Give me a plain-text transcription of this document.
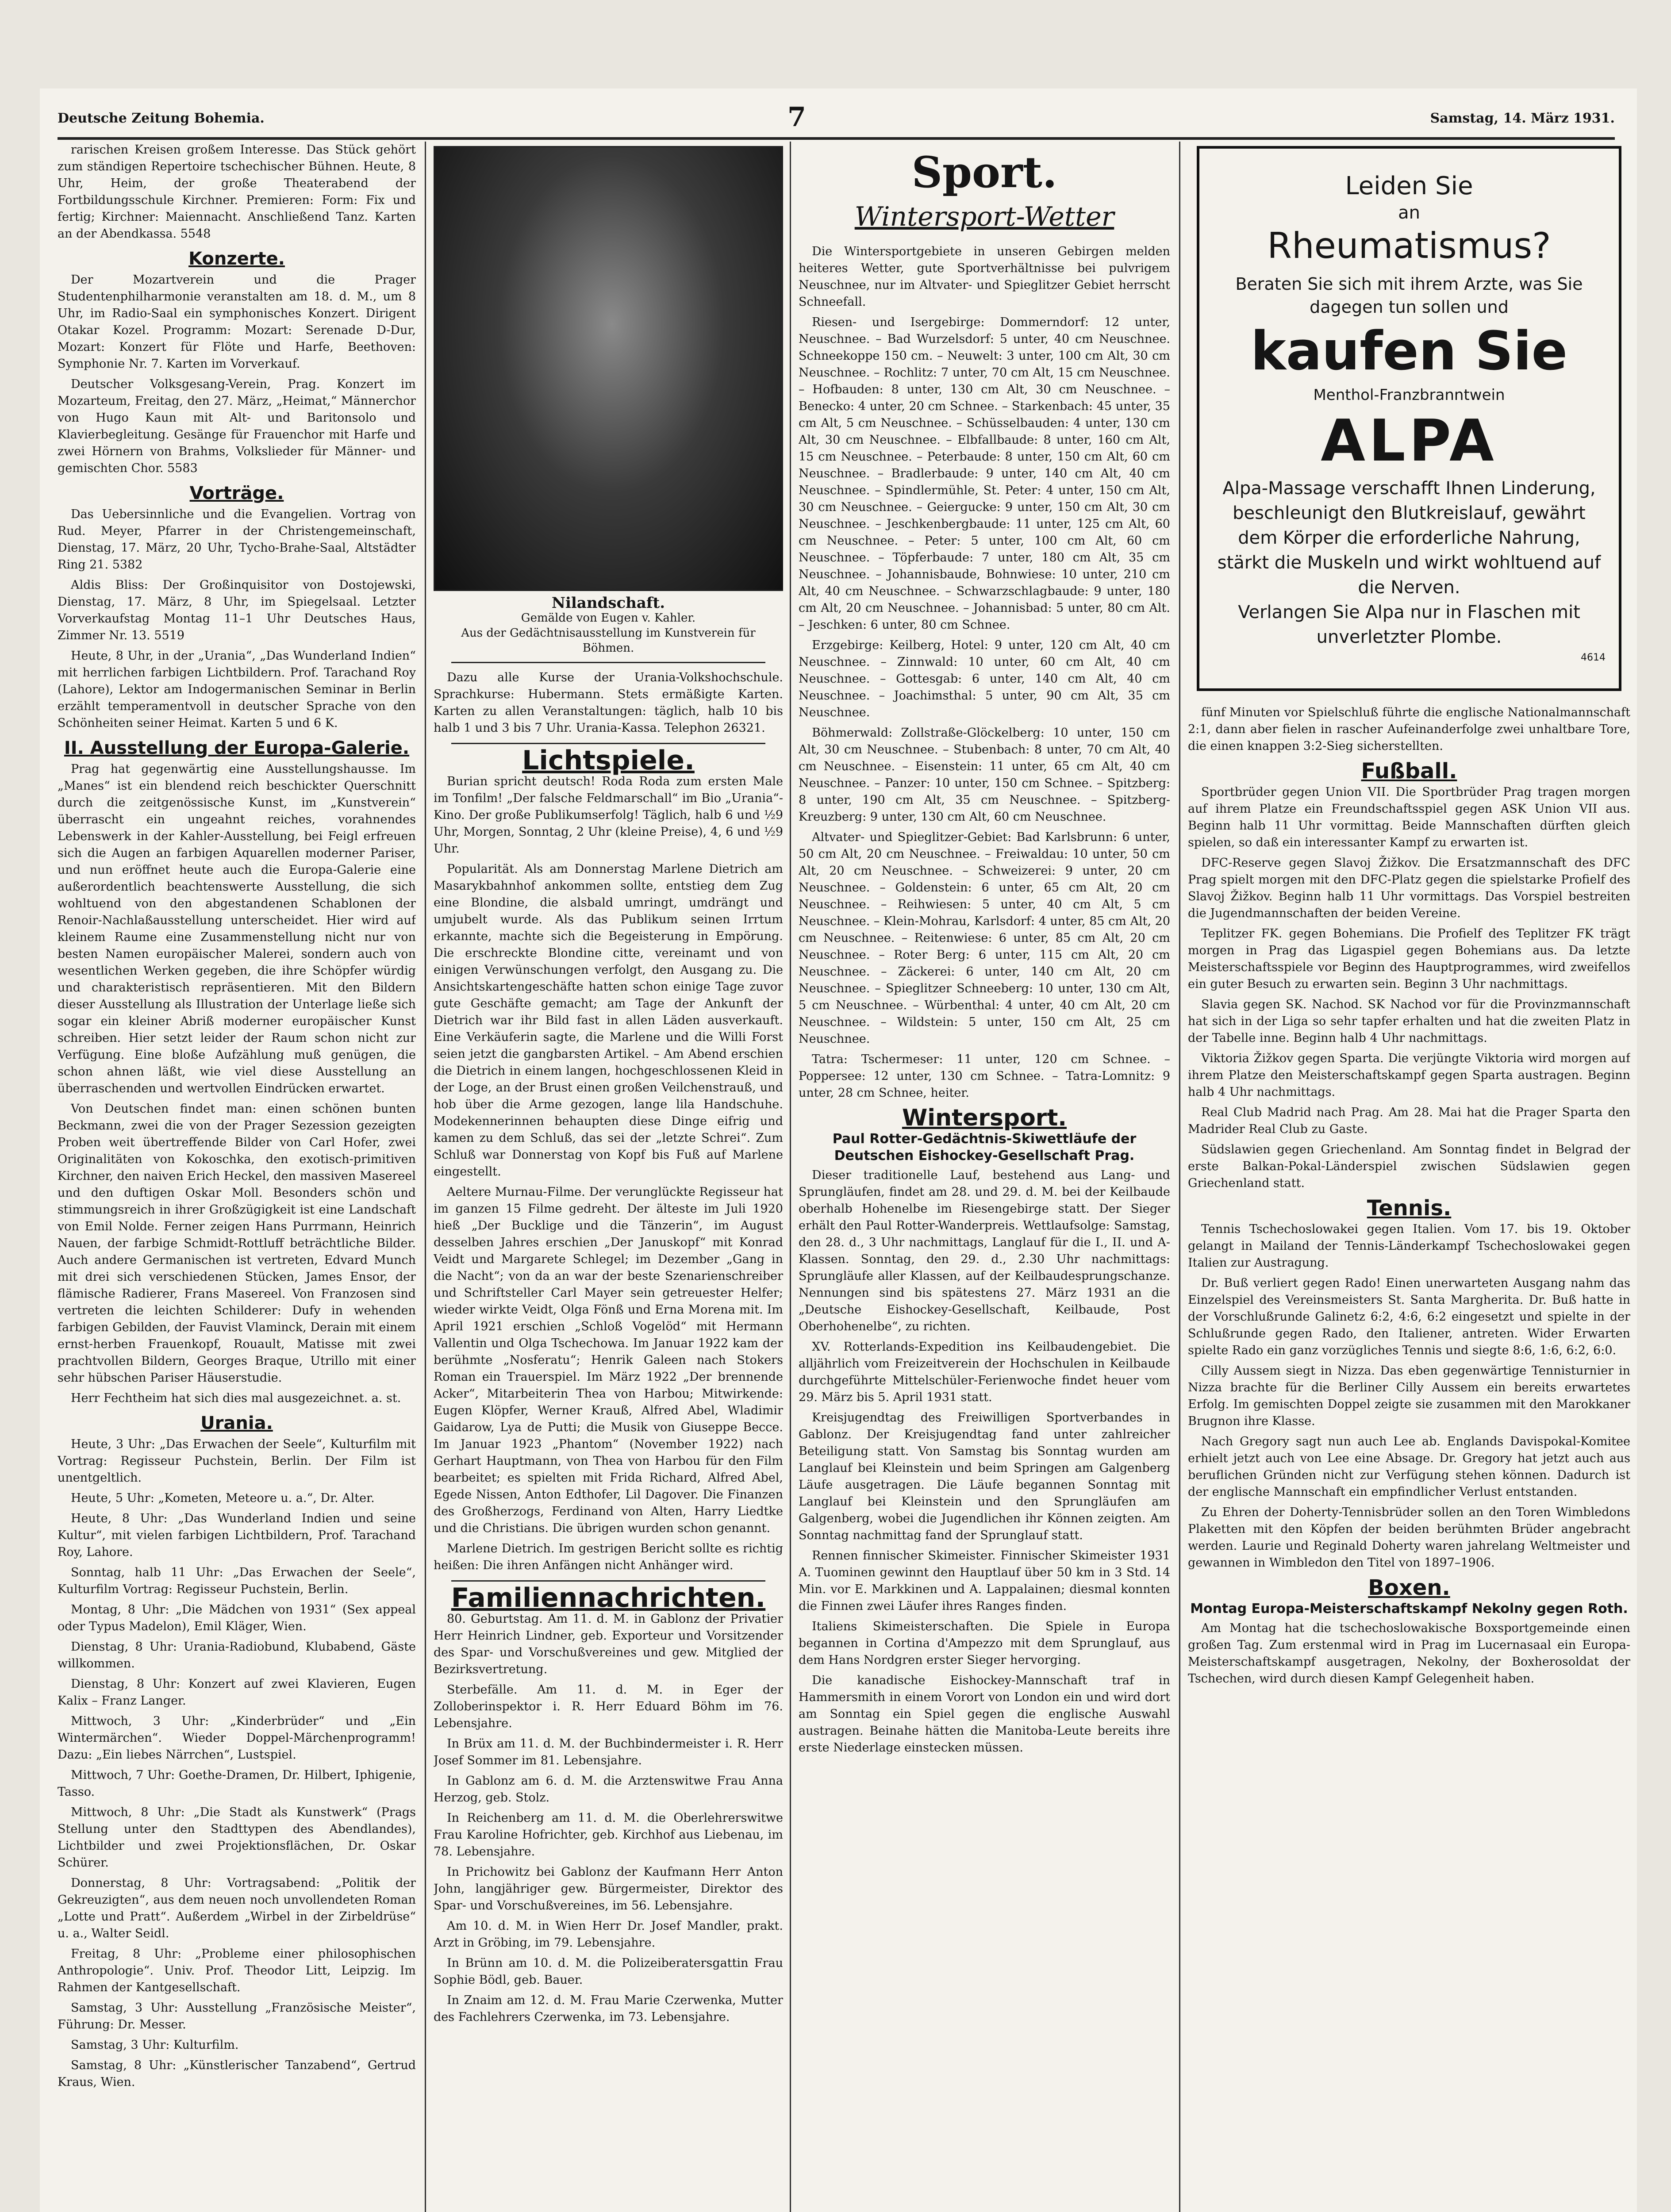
Deutsche Zeitung Bohemia.	7	Samstag, 14. März 1931.

rarischen Kreisen großem Interesse. Das Stück gehört zum ständigen Repertoire tschechischer Bühnen. Heute, 8 Uhr, Heim, der große Theaterabend der Fortbildungsschule Kirchner. Premieren: Form: Fix und fertig; Kirchner: Maiennacht. Anschließend Tanz. Karten an der Abendkassa. 5548

Konzerte.

Der Mozartverein und die Prager Studentenphilharmonie veranstalten am 18. d. M., um 8 Uhr, im Radio-Saal ein symphonisches Konzert. Dirigent Otakar Kozel. Programm: Mozart: Serenade D-Dur, Mozart: Konzert für Flöte und Harfe, Beethoven: Symphonie Nr. 7. Karten im Vorverkauf.

Deutscher Volksgesang-Verein, Prag. Konzert im Mozarteum, Freitag, den 27. März, „Heimat,“ Männerchor von Hugo Kaun mit Alt- und Baritonsolo und Klavierbegleitung. Gesänge für Frauenchor mit Harfe und zwei Hörnern von Brahms, Volkslieder für Männer- und gemischten Chor. 5583

Vorträge.

Das Uebersinnliche und die Evangelien. Vortrag von Rud. Meyer, Pfarrer in der Christengemeinschaft, Dienstag, 17. März, 20 Uhr, Tycho-Brahe-Saal, Altstädter Ring 21. 5382

Aldis Bliss: Der Großinquisitor von Dostojewski, Dienstag, 17. März, 8 Uhr, im Spiegelsaal. Letzter Vorverkaufstag Montag 11–1 Uhr Deutsches Haus, Zimmer Nr. 13. 5519

Heute, 8 Uhr, in der „Urania“, „Das Wunderland Indien“ mit herrlichen farbigen Lichtbildern. Prof. Tarachand Roy (Lahore), Lektor am Indogermanischen Seminar in Berlin erzählt temperamentvoll in deutscher Sprache von den Schönheiten seiner Heimat. Karten 5 und 6 K.

II. Ausstellung der Europa-Galerie.

Prag hat gegenwärtig eine Ausstellungshausse. Im „Manes“ ist ein blendend reich beschickter Querschnitt durch die zeitgenössische Kunst, im „Kunstverein“ überrascht ein ungeahnt reiches, vorahnendes Lebenswerk in der Kahler-Ausstellung, bei Feigl erfreuen sich die Augen an farbigen Aquarellen moderner Pariser, und nun eröffnet heute auch die Europa-Galerie eine außerordentlich beachtenswerte Ausstellung, die sich wohltuend von den abgestandenen Schablonen der Renoir-Nachlaßausstellung unterscheidet. Hier wird auf kleinem Raume eine Zusammenstellung nicht nur von besten Namen europäischer Malerei, sondern auch von wesentlichen Werken gegeben, die ihre Schöpfer würdig und charakteristisch repräsentieren. Mit den Bildern dieser Ausstellung als Illustration der Unterlage ließe sich sogar ein kleiner Abriß moderner europäischer Kunst schreiben. Hier setzt leider der Raum schon nicht zur Verfügung. Eine bloße Aufzählung muß genügen, die schon ahnen läßt, wie viel diese Ausstellung an überraschenden und wertvollen Eindrücken erwartet.

Von Deutschen findet man: einen schönen bunten Beckmann, zwei die von der Prager Sezession gezeigten Proben weit übertreffende Bilder von Carl Hofer, zwei Originalitäten von Kokoschka, den exotisch-primitiven Kirchner, den naiven Erich Heckel, den massiven Masereel und den duftigen Oskar Moll. Besonders schön und stimmungsreich in ihrer Großzügigkeit ist eine Landschaft von Emil Nolde. Ferner zeigen Hans Purrmann, Heinrich Nauen, der farbige Schmidt-Rottluff beträchtliche Bilder. Auch andere Germanischen ist vertreten, Edvard Munch mit drei sich verschiedenen Stücken, James Ensor, der flämische Radierer, Frans Masereel. Von Franzosen sind vertreten die leichten Schilderer: Dufy in wehenden farbigen Gebilden, der Fauvist Vlaminck, Derain mit einem ernst-herben Frauenkopf, Rouault, Matisse mit zwei prachtvollen Bildern, Georges Braque, Utrillo mit einer sehr hübschen Pariser Häuserstudie.

Herr Fechtheim hat sich dies mal ausgezeichnet. a. st.

Urania.

Heute, 3 Uhr: „Das Erwachen der Seele“, Kulturfilm mit Vortrag: Regisseur Puchstein, Berlin. Der Film ist unentgeltlich.

Heute, 5 Uhr: „Kometen, Meteore u. a.“, Dr. Alter.

Heute, 8 Uhr: „Das Wunderland Indien und seine Kultur“, mit vielen farbigen Lichtbildern, Prof. Tarachand Roy, Lahore.

Sonntag, halb 11 Uhr: „Das Erwachen der Seele“, Kulturfilm Vortrag: Regisseur Puchstein, Berlin.

Montag, 8 Uhr: „Die Mädchen von 1931“ (Sex appeal oder Typus Madelon), Emil Kläger, Wien.

Dienstag, 8 Uhr: Urania-Radiobund, Klubabend, Gäste willkommen.

Dienstag, 8 Uhr: Konzert auf zwei Klavieren, Eugen Kalix – Franz Langer.

Mittwoch, 3 Uhr: „Kinderbrüder“ und „Ein Wintermärchen“. Wieder Doppel-Märchenprogramm! Dazu: „Ein liebes Närrchen“, Lustspiel.

Mittwoch, 7 Uhr: Goethe-Dramen, Dr. Hilbert, Iphigenie, Tasso.

Mittwoch, 8 Uhr: „Die Stadt als Kunstwerk“ (Prags Stellung unter den Stadttypen des Abendlandes), Lichtbilder und zwei Projektionsflächen, Dr. Oskar Schürer.

Donnerstag, 8 Uhr: Vortragsabend: „Politik der Gekreuzigten“, aus dem neuen noch unvollendeten Roman „Lotte und Pratt“. Außerdem „Wirbel in der Zirbeldrüse“ u. a., Walter Seidl.

Freitag, 8 Uhr: „Probleme einer philosophischen Anthropologie“. Univ. Prof. Theodor Litt, Leipzig. Im Rahmen der Kantgesellschaft.

Samstag, 3 Uhr: Ausstellung „Französische Meister“, Führung: Dr. Messer.

Samstag, 3 Uhr: Kulturfilm.

Samstag, 8 Uhr: „Künstlerischer Tanzabend“, Gertrud Kraus, Wien.

Nilandschaft.
Gemälde von Eugen v. Kahler.
Aus der Gedächtnisausstellung im Kunstverein für Böhmen.

Dazu alle Kurse der Urania-Volkshochschule. Sprachkurse: Hubermann. Stets ermäßigte Karten. Karten zu allen Veranstaltungen: täglich, halb 10 bis halb 1 und 3 bis 7 Uhr. Urania-Kassa. Telephon 26321.

Lichtspiele.

Burian spricht deutsch! Roda Roda zum ersten Male im Tonfilm! „Der falsche Feldmarschall“ im Bio „Urania“-Kino. Der große Publikumserfolg! Täglich, halb 6 und ½9 Uhr, Morgen, Sonntag, 2 Uhr (kleine Preise), 4, 6 und ½9 Uhr.

Popularität. Als am Donnerstag Marlene Dietrich am Masarykbahnhof ankommen sollte, entstieg dem Zug eine Blondine, die alsbald umringt, umdrängt und umjubelt wurde. Als das Publikum seinen Irrtum erkannte, machte sich die Begeisterung in Empörung. Die erschreckte Blondine citte, vereinamt und von einigen Verwünschungen verfolgt, den Ausgang zu. Die Ansichtskartengeschäfte hatten schon einige Tage zuvor gute Geschäfte gemacht; am Tage der Ankunft der Dietrich war ihr Bild fast in allen Läden ausverkauft. Eine Verkäuferin sagte, die Marlene und die Willi Forst seien jetzt die gangbarsten Artikel. – Am Abend erschien die Dietrich in einem langen, hochgeschlossenen Kleid in der Loge, an der Brust einen großen Veilchenstrauß, und hob über die Arme gezogen, lange lila Handschuhe. Modekennerinnen behaupten diese Dinge eifrig und kamen zu dem Schluß, das sei der „letzte Schrei“. Zum Schluß war Donnerstag von Kopf bis Fuß auf Marlene eingestellt.

Aeltere Murnau-Filme. Der verunglückte Regisseur hat im ganzen 15 Filme gedreht. Der älteste im Juli 1920 hieß „Der Bucklige und die Tänzerin“, im August desselben Jahres erschien „Der Januskopf“ mit Konrad Veidt und Margarete Schlegel; im Dezember „Gang in die Nacht“; von da an war der beste Szenarienschreiber und Schriftsteller Carl Mayer sein getreuester Helfer; wieder wirkte Veidt, Olga Fönß und Erna Morena mit. Im April 1921 erschien „Schloß Vogelöd“ mit Hermann Vallentin und Olga Tschechowa. Im Januar 1922 kam der berühmte „Nosferatu“; Henrik Galeen nach Stokers Roman ein Trauerspiel. Im März 1922 „Der brennende Acker“, Mitarbeiterin Thea von Harbou; Mitwirkende: Eugen Klöpfer, Werner Krauß, Alfred Abel, Wladimir Gaidarow, Lya de Putti; die Musik von Giuseppe Becce. Im Januar 1923 „Phantom“ (November 1922) nach Gerhart Hauptmann, von Thea von Harbou für den Film bearbeitet; es spielten mit Frida Richard, Alfred Abel, Egede Nissen, Anton Edthofer, Lil Dagover. Die Finanzen des Großherzogs, Ferdinand von Alten, Harry Liedtke und die Christians. Die übrigen wurden schon genannt.

Marlene Dietrich. Im gestrigen Bericht sollte es richtig heißen: Die ihren Anfängen nicht Anhänger wird.

Familiennachrichten.

80. Geburtstag. Am 11. d. M. in Gablonz der Privatier Herr Heinrich Lindner, geb. Exporteur und Vorsitzender des Spar- und Vorschußvereines und gew. Mitglied der Bezirksvertretung.

Sterbefälle. Am 11. d. M. in Eger der Zolloberinspektor i. R. Herr Eduard Böhm im 76. Lebensjahre.

In Brüx am 11. d. M. der Buchbindermeister i. R. Herr Josef Sommer im 81. Lebensjahre.

In Gablonz am 6. d. M. die Arztenswitwe Frau Anna Herzog, geb. Stolz.

In Reichenberg am 11. d. M. die Oberlehrerswitwe Frau Karoline Hofrichter, geb. Kirchhof aus Liebenau, im 78. Lebensjahre.

In Prichowitz bei Gablonz der Kaufmann Herr Anton John, langjähriger gew. Bürgermeister, Direktor des Spar- und Vorschußvereines, im 56. Lebensjahre.

Am 10. d. M. in Wien Herr Dr. Josef Mandler, prakt. Arzt in Gröbing, im 79. Lebensjahre.

In Brünn am 10. d. M. die Polizeiberatersgattin Frau Sophie Bödl, geb. Bauer.

In Znaim am 12. d. M. Frau Marie Czerwenka, Mutter des Fachlehrers Czerwenka, im 73. Lebensjahre.

Sport.
Wintersport-Wetter

Die Wintersportgebiete in unseren Gebirgen melden heiteres Wetter, gute Sportverhältnisse bei pulvrigem Neuschnee, nur im Altvater- und Spieglitzer Gebiet herrscht Schneefall.

Riesen- und Isergebirge: Dommerndorf: 12 unter, Neuschnee. – Bad Wurzelsdorf: 5 unter, 40 cm Neuschnee. Schneekoppe 150 cm. – Neuwelt: 3 unter, 100 cm Alt, 30 cm Neuschnee. – Rochlitz: 7 unter, 70 cm Alt, 15 cm Neuschnee. – Hofbauden: 8 unter, 130 cm Alt, 30 cm Neuschnee. – Benecko: 4 unter, 20 cm Schnee. – Starkenbach: 45 unter, 35 cm Alt, 5 cm Neuschnee. – Schüsselbauden: 4 unter, 130 cm Alt, 30 cm Neuschnee. – Elbfallbaude: 8 unter, 160 cm Alt, 15 cm Neuschnee. – Peterbaude: 8 unter, 150 cm Alt, 60 cm Neuschnee. – Bradlerbaude: 9 unter, 140 cm Alt, 40 cm Neuschnee. – Spindlermühle, St. Peter: 4 unter, 150 cm Alt, 30 cm Neuschnee. – Geiergucke: 9 unter, 150 cm Alt, 30 cm Neuschnee. – Jeschkenbergbaude: 11 unter, 125 cm Alt, 60 cm Neuschnee. – Peter: 5 unter, 100 cm Alt, 60 cm Neuschnee. – Töpferbaude: 7 unter, 180 cm Alt, 35 cm Neuschnee. – Johannisbaude, Bohnwiese: 10 unter, 210 cm Alt, 40 cm Neuschnee. – Schwarzschlagbaude: 9 unter, 180 cm Alt, 20 cm Neuschnee. – Johannisbad: 5 unter, 80 cm Alt. – Jeschken: 6 unter, 80 cm Schnee.

Erzgebirge: Keilberg, Hotel: 9 unter, 120 cm Alt, 40 cm Neuschnee. – Zinnwald: 10 unter, 60 cm Alt, 40 cm Neuschnee. – Gottesgab: 6 unter, 140 cm Alt, 40 cm Neuschnee. – Joachimsthal: 5 unter, 90 cm Alt, 35 cm Neuschnee.

Böhmerwald: Zollstraße-Glöckelberg: 10 unter, 150 cm Alt, 30 cm Neuschnee. – Stubenbach: 8 unter, 70 cm Alt, 40 cm Neuschnee. – Eisenstein: 11 unter, 65 cm Alt, 40 cm Neuschnee. – Panzer: 10 unter, 150 cm Schnee. – Spitzberg: 8 unter, 190 cm Alt, 35 cm Neuschnee. – Spitzberg-Kreuzberg: 9 unter, 130 cm Alt, 60 cm Neuschnee.

Altvater- und Spieglitzer-Gebiet: Bad Karlsbrunn: 6 unter, 50 cm Alt, 20 cm Neuschnee. – Freiwaldau: 10 unter, 50 cm Alt, 20 cm Neuschnee. – Schweizerei: 9 unter, 20 cm Neuschnee. – Goldenstein: 6 unter, 65 cm Alt, 20 cm Neuschnee. – Reihwiesen: 5 unter, 40 cm Alt, 5 cm Neuschnee. – Klein-Mohrau, Karlsdorf: 4 unter, 85 cm Alt, 20 cm Neuschnee. – Reitenwiese: 6 unter, 85 cm Alt, 20 cm Neuschnee. – Roter Berg: 6 unter, 115 cm Alt, 20 cm Neuschnee. – Zäckerei: 6 unter, 140 cm Alt, 20 cm Neuschnee. – Spieglitzer Schneeberg: 10 unter, 130 cm Alt, 5 cm Neuschnee. – Würbenthal: 4 unter, 40 cm Alt, 20 cm Neuschnee. – Wildstein: 5 unter, 150 cm Alt, 25 cm Neuschnee.

Tatra: Tschermeser: 11 unter, 120 cm Schnee. – Poppersee: 12 unter, 130 cm Schnee. – Tatra-Lomnitz: 9 unter, 28 cm Schnee, heiter.

Wintersport.
Paul Rotter-Gedächtnis-Skiwettläufe der Deutschen Eishockey-Gesellschaft Prag.

Dieser traditionelle Lauf, bestehend aus Lang- und Sprungläufen, findet am 28. und 29. d. M. bei der Keilbaude oberhalb Hohenelbe im Riesengebirge statt. Der Sieger erhält den Paul Rotter-Wanderpreis. Wettlaufsolge: Samstag, den 28. d., 3 Uhr nachmittags, Langlauf für die I., II. und A-Klassen. Sonntag, den 29. d., 2.30 Uhr nachmittags: Sprungläufe aller Klassen, auf der Keilbaudesprungschanze. Nennungen sind bis spätestens 27. März 1931 an die „Deutsche Eishockey-Gesellschaft, Keilbaude, Post Oberhohenelbe“, zu richten.

XV. Rotterlands-Expedition ins Keilbaudengebiet. Die alljährlich vom Freizeitverein der Hochschulen in Keilbaude durchgeführte Mittelschüler-Ferienwoche findet heuer vom 29. März bis 5. April 1931 statt.

Kreisjugendtag des Freiwilligen Sportverbandes in Gablonz. Der Kreisjugendtag fand unter zahlreicher Beteiligung statt. Von Samstag bis Sonntag wurden am Langlauf bei Kleinstein und beim Springen am Galgenberg Läufe ausgetragen. Die Läufe begannen Sonntag mit Langlauf bei Kleinstein und den Sprungläufen am Galgenberg, wobei die Jugendlichen ihr Können zeigten. Am Sonntag nachmittag fand der Sprunglauf statt.

Rennen finnischer Skimeister. Finnischer Skimeister 1931 A. Tuominen gewinnt den Hauptlauf über 50 km in 3 Std. 14 Min. vor E. Markkinen und A. Lappalainen; diesmal konnten die Finnen zwei Läufer ihres Ranges finden.

Italiens Skimeisterschaften. Die Spiele in Europa begannen in Cortina d'Ampezzo mit dem Sprunglauf, aus dem Hans Nordgren erster Sieger hervorging.

Die kanadische Eishockey-Mannschaft traf in Hammersmith in einem Vorort von London ein und wird dort am Sonntag ein Spiel gegen die englische Auswahl austragen. Beinahe hätten die Manitoba-Leute bereits ihre erste Niederlage einstecken müssen.

Leiden Sie
an
Rheumatismus?
Beraten Sie sich mit ihrem Arzte, was Sie dagegen tun sollen und
kaufen Sie
Menthol-Franzbranntwein
ALPA
Alpa-Massage verschafft Ihnen Linderung, beschleunigt den Blutkreislauf, gewährt dem Körper die erforderliche Nahrung, stärkt die Muskeln und wirkt wohltuend auf die Nerven.
Verlangen Sie Alpa nur in Flaschen mit unverletzter Plombe.
4614

fünf Minuten vor Spielschluß führte die englische Nationalmannschaft 2:1, dann aber fielen in rascher Aufeinanderfolge zwei unhaltbare Tore, die einen knappen 3:2-Sieg sicherstellten.

Fußball.

Sportbrüder gegen Union VII. Die Sportbrüder Prag tragen morgen auf ihrem Platze ein Freundschaftsspiel gegen ASK Union VII aus. Beginn halb 11 Uhr vormittag. Beide Mannschaften dürften gleich spielen, so daß ein interessanter Kampf zu erwarten ist.

DFC-Reserve gegen Slavoj Žižkov. Die Ersatzmannschaft des DFC Prag spielt morgen mit den DFC-Platz gegen die spielstarke Profielf des Slavoj Žižkov. Beginn halb 11 Uhr vormittags. Das Vorspiel bestreiten die Jugendmannschaften der beiden Vereine.

Teplitzer FK. gegen Bohemians. Die Profielf des Teplitzer FK trägt morgen in Prag das Ligaspiel gegen Bohemians aus. Da letzte Meisterschaftsspiele vor Beginn des Hauptprogrammes, wird zweifellos ein guter Besuch zu erwarten sein. Beginn 3 Uhr nachmittags.

Slavia gegen SK. Nachod. SK Nachod vor für die Provinzmannschaft hat sich in der Liga so sehr tapfer erhalten und hat die zweiten Platz in der Tabelle inne. Beginn halb 4 Uhr nachmittags.

Viktoria Žižkov gegen Sparta. Die verjüngte Viktoria wird morgen auf ihrem Platze den Meisterschaftskampf gegen Sparta austragen. Beginn halb 4 Uhr nachmittags.

Real Club Madrid nach Prag. Am 28. Mai hat die Prager Sparta den Madrider Real Club zu Gaste.

Südslawien gegen Griechenland. Am Sonntag findet in Belgrad der erste Balkan-Pokal-Länderspiel zwischen Südslawien gegen Griechenland statt.

Tennis.

Tennis Tschechoslowakei gegen Italien. Vom 17. bis 19. Oktober gelangt in Mailand der Tennis-Länderkampf Tschechoslowakei gegen Italien zur Austragung.

Dr. Buß verliert gegen Rado! Einen unerwarteten Ausgang nahm das Einzelspiel des Vereinsmeisters St. Santa Margherita. Dr. Buß hatte in der Vorschlußrunde Galinetz 6:2, 4:6, 6:2 eingesetzt und spielte in der Schlußrunde gegen Rado, den Italiener, antreten. Wider Erwarten spielte Rado ein ganz vorzügliches Tennis und siegte 8:6, 1:6, 6:2, 6:0.

Cilly Aussem siegt in Nizza. Das eben gegenwärtige Tennisturnier in Nizza brachte für die Berliner Cilly Aussem ein bereits erwartetes Erfolg. Im gemischten Doppel zeigte sie zusammen mit den Marokkaner Brugnon ihre Klasse.

Nach Gregory sagt nun auch Lee ab. Englands Davispokal-Komitee erhielt jetzt auch von Lee eine Absage. Dr. Gregory hat jetzt auch aus beruflichen Gründen nicht zur Verfügung stehen können. Dadurch ist der englische Mannschaft ein empfindlicher Verlust entstanden.

Zu Ehren der Doherty-Tennisbrüder sollen an den Toren Wimbledons Plaketten mit den Köpfen der beiden berühmten Brüder angebracht werden. Laurie und Reginald Doherty waren jahrelang Weltmeister und gewannen in Wimbledon den Titel von 1897–1906.

Boxen.
Montag Europa-Meisterschaftskampf Nekolny gegen Roth.

Am Montag hat die tschechoslowakische Boxsportgemeinde einen großen Tag. Zum erstenmal wird in Prag im Lucernasaal ein Europa-Meisterschaftskampf ausgetragen, Nekolny, der Boxherosoldat der Tschechen, wird durch diesen Kampf Gelegenheit haben.
